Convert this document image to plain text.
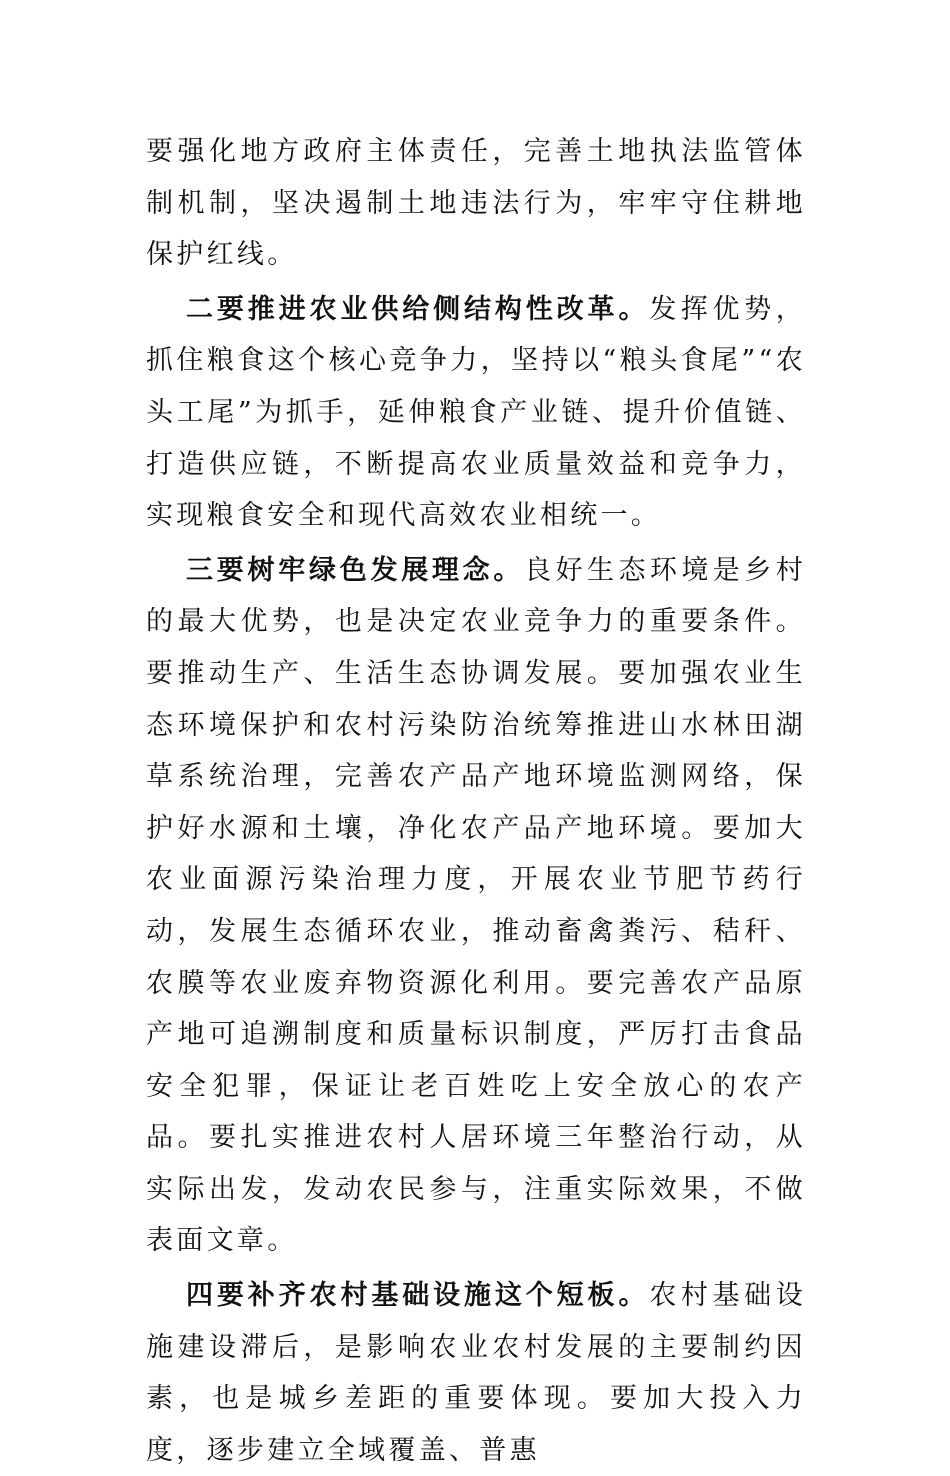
要强化地方政府主体责任，完善土地执法监管体制机制，坚决遏制土地违法行为，牢牢守住耕地保护红线。

二要推进农业供给侧结构性改革。发挥优势，抓住粮食这个核心竞争力，坚持以“粮头食尾”“农头工尾”为抓手，延伸粮食产业链、提升价值链、打造供应链，不断提高农业质量效益和竞争力，实现粮食安全和现代高效农业相统一。

三要树牢绿色发展理念。良好生态环境是乡村的最大优势，也是决定农业竞争力的重要条件。要推动生产、生活生态协调发展。要加强农业生态环境保护和农村污染防治统筹推进山水林田湖草系统治理，完善农产品产地环境监测网络，保护好水源和土壤，净化农产品产地环境。要加大农业面源污染治理力度，开展农业节肥节药行动，发展生态循环农业，推动畜禽粪污、秸秆、农膜等农业废弃物资源化利用。要完善农产品原产地可追溯制度和质量标识制度，严厉打击食品安全犯罪，保证让老百姓吃上安全放心的农产品。要扎实推进农村人居环境三年整治行动，从实际出发，发动农民参与，注重实际效果，不做表面文章。

四要补齐农村基础设施这个短板。农村基础设施建设滞后，是影响农业农村发展的主要制约因素，也是城乡差距的重要体现。要加大投入力度，逐步建立全域覆盖、普惠
